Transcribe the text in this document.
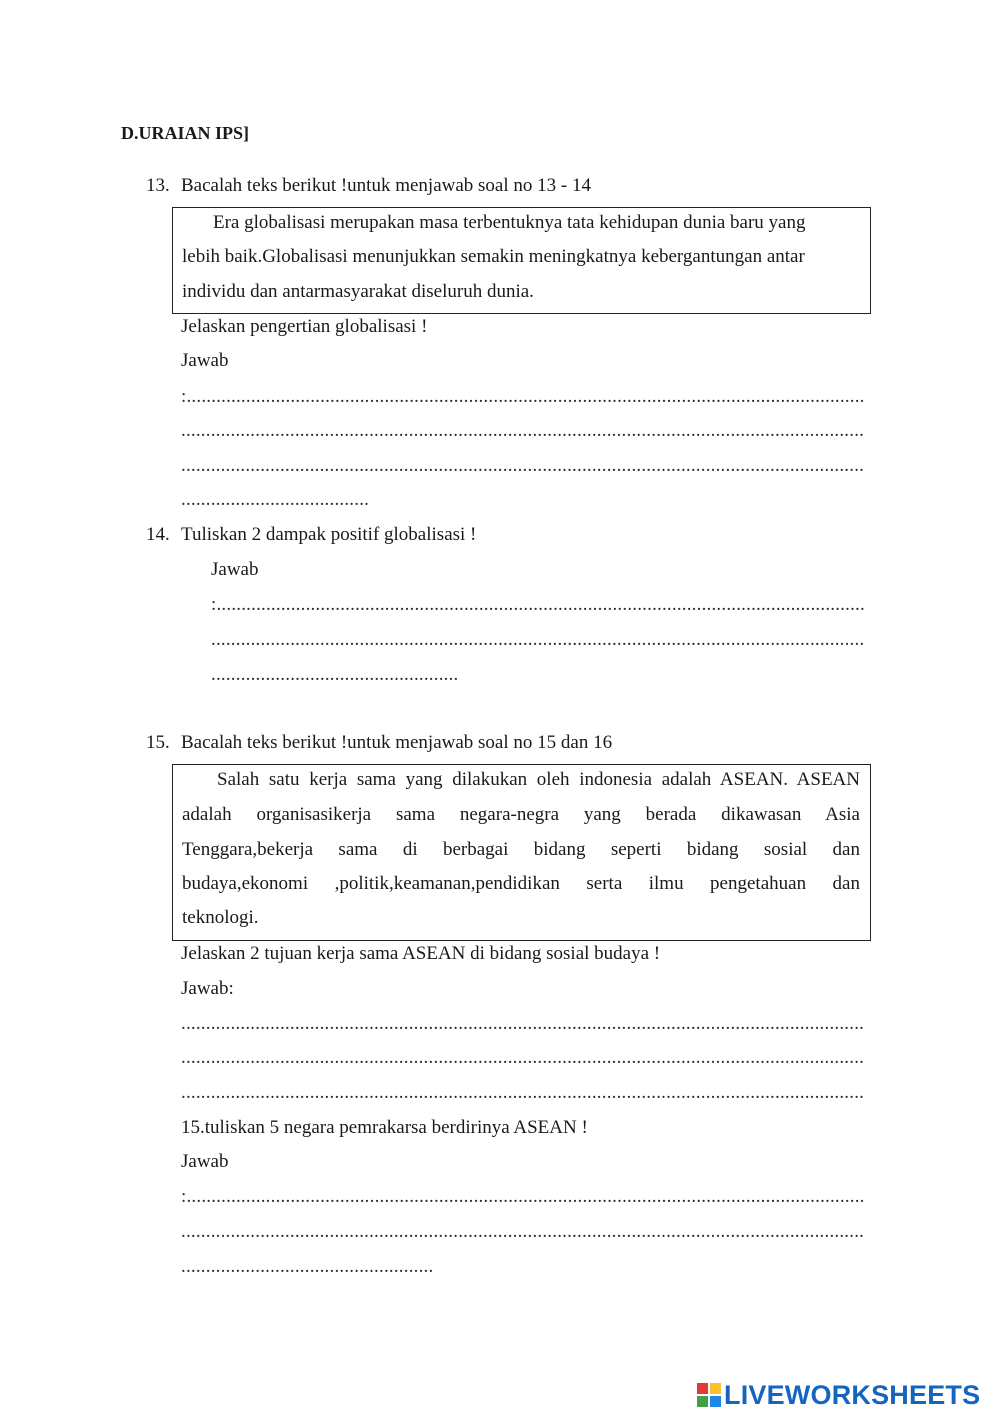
D.URAIAN IPS]
13. Bacalah teks berikut !untuk menjawab soal no 13 - 14
Era globalisasi merupakan masa terbentuknya tata kehidupan dunia baru yang
lebih baik.Globalisasi menunjukkan semakin meningkatnya kebergantungan antar
individu dan antarmasyarakat diseluruh dunia.
Jelaskan pengertian globalisasi !
Jawab
:.........................................................................................................................................
..........................................................................................................................................
..........................................................................................................................................
......................................
14. Tuliskan 2 dampak positif globalisasi !
Jawab
:...................................................................................................................................
....................................................................................................................................
..................................................
15. Bacalah teks berikut !untuk menjawab soal no 15 dan 16
Salah satu kerja sama yang dilakukan oleh indonesia adalah ASEAN. ASEAN
adalah organisasikerja sama negara-negra yang berada dikawasan Asia
Tenggara,bekerja sama di berbagai bidang seperti bidang sosial dan
budaya,ekonomi ,politik,keamanan,pendidikan serta ilmu pengetahuan dan
teknologi.
Jelaskan 2 tujuan kerja sama ASEAN di bidang sosial budaya !
Jawab:
..........................................................................................................................................
..........................................................................................................................................
..........................................................................................................................................
15.tuliskan 5 negara pemrakarsa berdirinya ASEAN !
Jawab
:.........................................................................................................................................
..........................................................................................................................................
...................................................
LIVEWORKSHEETS
